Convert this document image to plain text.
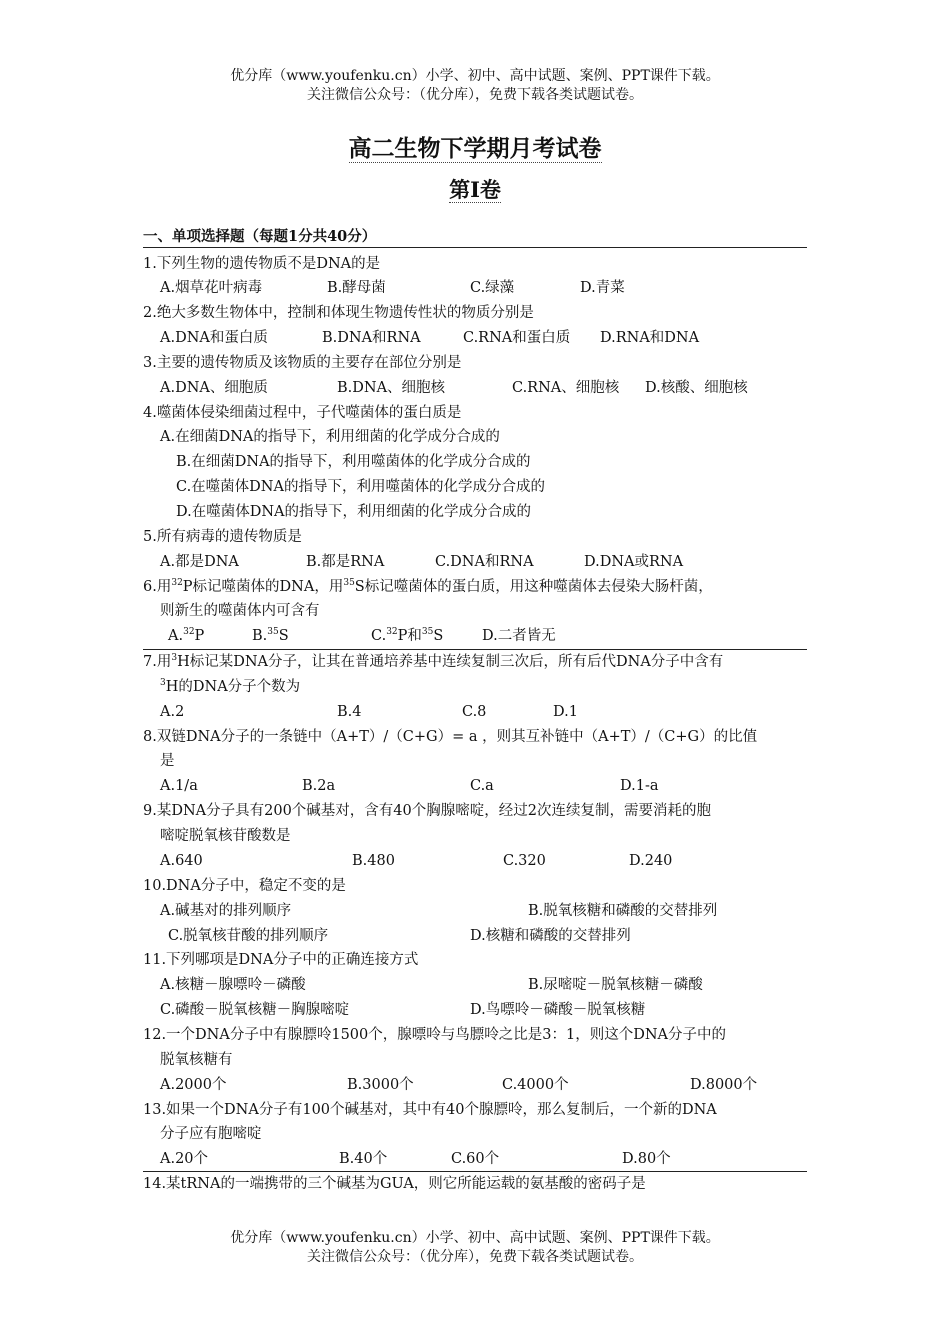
优分库（www.youfenku.cn）小学、初中、高中试题、案例、PPT课件下载。
关注微信公众号：（优分库），免费下载各类试题试卷。
高二生物下学期月考试卷
第Ⅰ卷
一、单项选择题（每题1分共40分）
1.下列生物的遗传物质不是DNA的是
A.烟草花叶病毒	B.酵母菌	C.绿藻	D.青菜
2.绝大多数生物体中，控制和体现生物遗传性状的物质分别是
A.DNA和蛋白质	B.DNA和RNA	C.RNA和蛋白质 D.RNA和DNA
3.主要的遗传物质及该物质的主要存在部位分别是
A.DNA、细胞质	B.DNA、细胞核	C.RNA、细胞核 D.核酸、细胞核
4.噬菌体侵染细菌过程中，子代噬菌体的蛋白质是
A.在细菌DNA的指导下，利用细菌的化学成分合成的
B.在细菌DNA的指导下，利用噬菌体的化学成分合成的
C.在噬菌体DNA的指导下，利用噬菌体的化学成分合成的
D.在噬菌体DNA的指导下，利用细菌的化学成分合成的
5.所有病毒的遗传物质是
A.都是DNA	B.都是RNA	C.DNA和RNA	D.DNA或RNA
6.用$^{32}$P标记噬菌体的DNA，用$^{35}$S标记噬菌体的蛋白质，用这种噬菌体去侵染大肠杆菌，
则新生的噬菌体内可含有
A.$^{32}$P	B.$^{35}$S	C.$^{32}$P和$^{35}$S	D.二者皆无
7.用$^3$H标记某DNA分子，让其在普通培养基中连续复制三次后，所有后代DNA分子中含有
$^3$H的DNA分子个数为
A.2	B.4	C.8	D.1
8.双链DNA分子的一条链中（A+T）/（C+G）= a ，则其互补链中（A+T）/（C+G）的比值
是
A.1/a	B.2a	C.a	D.1-a
9.某DNA分子具有200个碱基对，含有40个胸腺嘧啶，经过2次连续复制，需要消耗的胞
嘧啶脱氧核苷酸数是
A.640	B.480	C.320	D.240
10.DNA分子中，稳定不变的是
A.碱基对的排列顺序	B.脱氧核糖和磷酸的交替排列
C.脱氧核苷酸的排列顺序	D.核糖和磷酸的交替排列
11.下列哪项是DNA分子中的正确连接方式
A.核糖－腺嘌呤－磷酸	B.尿嘧啶－脱氧核糖－磷酸
C.磷酸－脱氧核糖－胸腺嘧啶	D.鸟嘌呤－磷酸－脱氧核糖
12.一个DNA分子中有腺膘呤1500个，腺嘌呤与鸟膘呤之比是3：1，则这个DNA分子中的
脱氧核糖有
A.2000个	B.3000个	C.4000个	D.8000个
13.如果一个DNA分子有100个碱基对，其中有40个腺膘呤，那么复制后，一个新的DNA
分子应有胞嘧啶
A.20个	B.40个	C.60个	D.80个
14.某tRNA的一端携带的三个碱基为GUA，则它所能运载的氨基酸的密码子是
优分库（www.youfenku.cn）小学、初中、高中试题、案例、PPT课件下载。
关注微信公众号：（优分库），免费下载各类试题试卷。
